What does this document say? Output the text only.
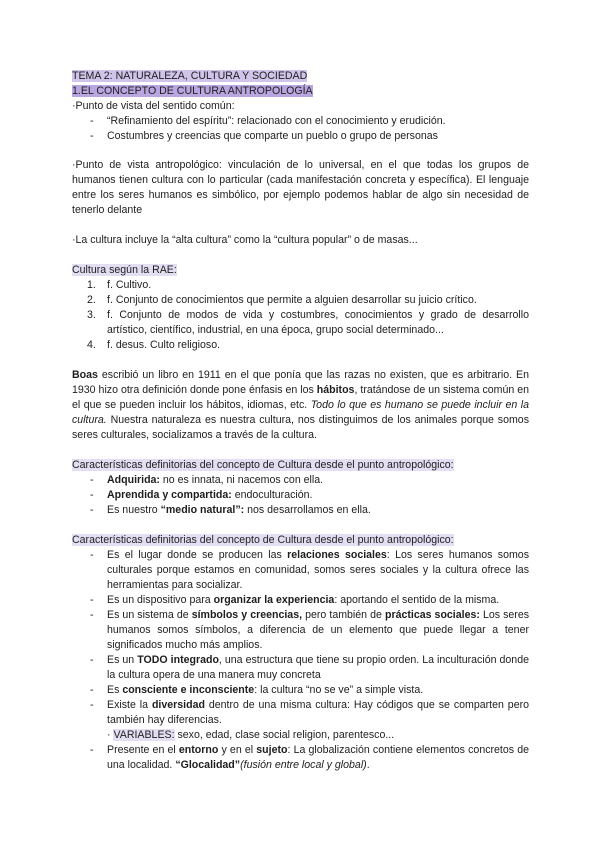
TEMA 2: NATURALEZA, CULTURA Y SOCIEDAD

1.EL CONCEPTO DE CULTURA ANTROPOLOGÍA

·Punto de vista del sentido común:

- “Refinamiento del espíritu”: relacionado con el conocimiento y erudición.
- Costumbres y creencias que comparte un pueblo o grupo de personas

·Punto de vista antropológico: vinculación de lo universal, en el que todas los grupos de humanos tienen cultura con lo particular (cada manifestación concreta y específica). El lenguaje entre los seres humanos es simbólico, por ejemplo podemos hablar de algo sin necesidad de tenerlo delante

·La cultura incluye la “alta cultura” como la “cultura popular” o de masas...

Cultura según la RAE:

1. f. Cultivo.
2. f. Conjunto de conocimientos que permite a alguien desarrollar su juicio crítico.
3. f. Conjunto de modos de vida y costumbres, conocimientos y grado de desarrollo artístico, científico, industrial, en una época, grupo social determinado...
4. f. desus. Culto religioso.

Boas escribió un libro en 1911 en el que ponía que las razas no existen, que es arbitrario. En 1930 hizo otra definición donde pone énfasis en los hábitos, tratándose de un sistema común en el que se pueden incluir los hábitos, idiomas, etc. Todo lo que es humano se puede incluir en la cultura. Nuestra naturaleza es nuestra cultura, nos distinguimos de los animales porque somos seres culturales, socializamos a través de la cultura.

Características definitorias del concepto de Cultura desde el punto antropológico:

- Adquirida: no es innata, ni nacemos con ella.
- Aprendida y compartida: endoculturación.
- Es nuestro “medio natural”: nos desarrollamos en ella.

Características definitorias del concepto de Cultura desde el punto antropológico:

- Es el lugar donde se producen las relaciones sociales: Los seres humanos somos culturales porque estamos en comunidad, somos seres sociales y la cultura ofrece las herramientas para socializar.
- Es un dispositivo para organizar la experiencia: aportando el sentido de la misma.
- Es un sistema de símbolos y creencias, pero también de prácticas sociales: Los seres humanos somos símbolos, a diferencia de un elemento que puede llegar a tener significados mucho más amplios.
- Es un TODO integrado, una estructura que tiene su propio orden. La inculturación donde la cultura opera de una manera muy concreta
- Es consciente e inconsciente: la cultura “no se ve” a simple vista.
- Existe la diversidad dentro de una misma cultura: Hay códigos que se comparten pero también hay diferencias.

· VARIABLES: sexo, edad, clase social religion, parentesco...

- Presente en el entorno y en el sujeto: La globalización contiene elementos concretos de una localidad. “Glocalidad”(fusión entre local y global).
